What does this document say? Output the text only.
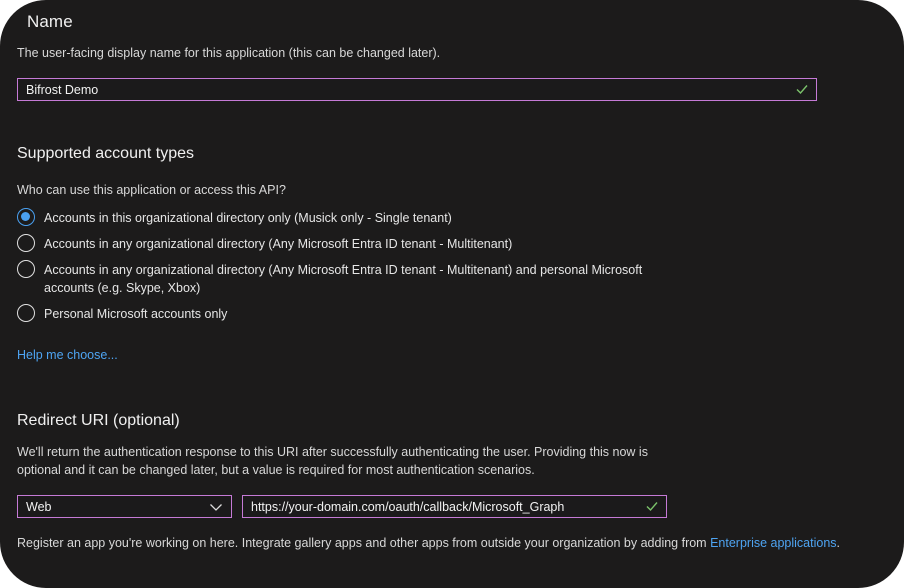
Name
The user-facing display name for this application (this can be changed later).
Bifrost Demo
Supported account types
Who can use this application or access this API?
Accounts in this organizational directory only (Musick only - Single tenant)
Accounts in any organizational directory (Any Microsoft Entra ID tenant - Multitenant)
Accounts in any organizational directory (Any Microsoft Entra ID tenant - Multitenant) and personal Microsoft
accounts (e.g. Skype, Xbox)
Personal Microsoft accounts only
Help me choose...
Redirect URI (optional)
We'll return the authentication response to this URI after successfully authenticating the user. Providing this now is
optional and it can be changed later, but a value is required for most authentication scenarios.
Web	https://your-domain.com/oauth/callback/Microsoft_Graph
Register an app you're working on here. Integrate gallery apps and other apps from outside your organization by adding from Enterprise applications.
